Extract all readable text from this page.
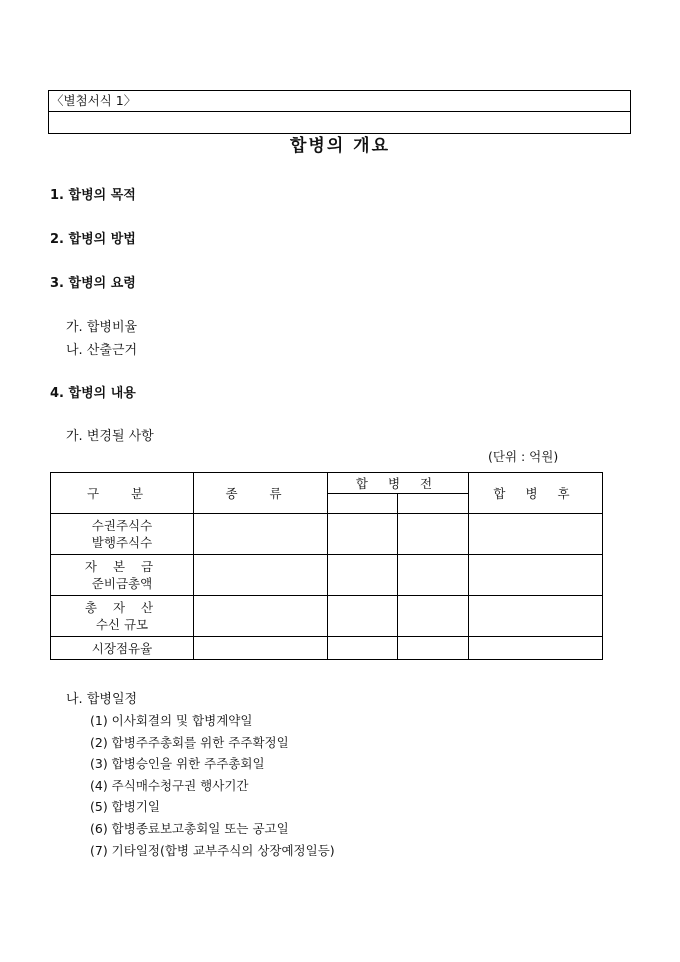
〈별첨서식 1〉
합병의 개요
1. 합병의 목적
2. 합병의 방법
3. 합병의 요령
가. 합병비율
나. 산출근거
4. 합병의 내용
가. 변경될 사항
(단위 : 억원)
구 분	종 류	합 병 전		합 병 후

수권주식수
발행주식수				

자 본 금
준비금총액				

총 자 산
수신 규모				

시장점유율				
나. 합병일정
(1) 이사회결의 및 합병계약일
(2) 합병주주총회를 위한 주주확정일
(3) 합병승인을 위한 주주총회일
(4) 주식매수청구권 행사기간
(5) 합병기일
(6) 합병종료보고총회일 또는 공고일
(7) 기타일정(합병 교부주식의 상장예정일등)
